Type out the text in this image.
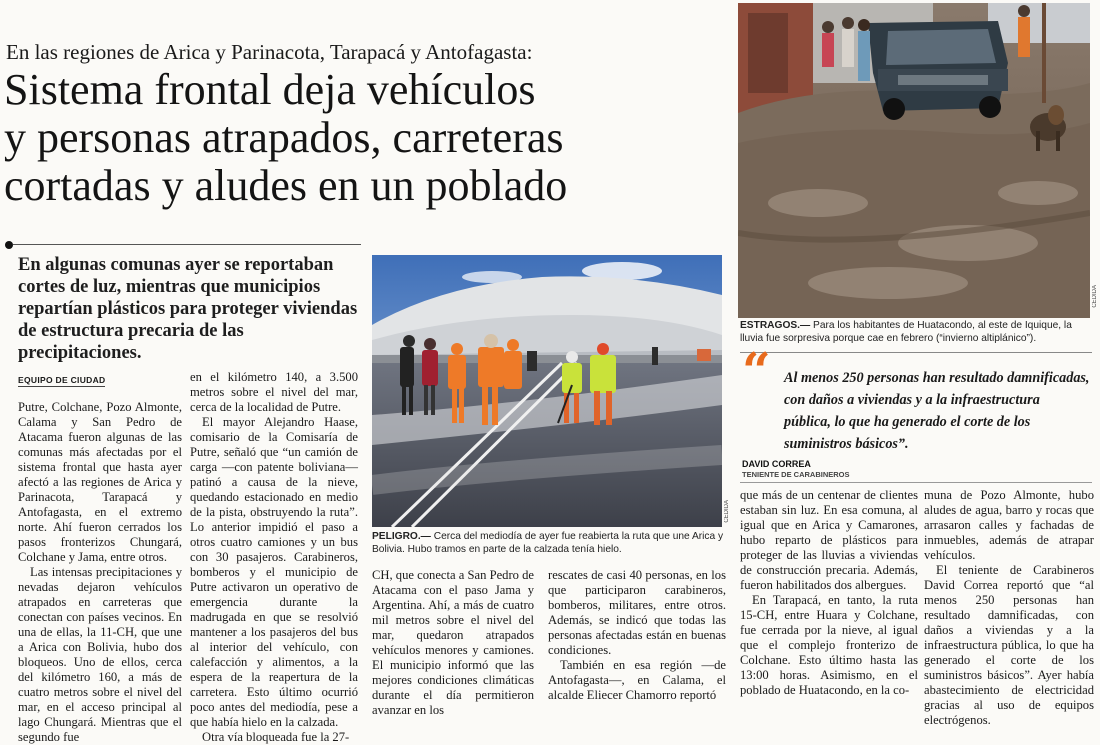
En las regiones de Arica y Parinacota, Tarapacá y Antofagasta:
Sistema frontal deja vehículos
y personas atrapados, carreteras
cortadas y aludes en un poblado
En algunas comunas ayer se reportaban cortes de luz, mientras que municipios repartían plásticos para proteger viviendas de estructura precaria de las precipitaciones.
EQUIPO DE CIUDAD

Putre, Colchane, Pozo Almonte, Calama y San Pedro de Atacama fueron algunas de las comunas más afectadas por el sistema frontal que hasta ayer afectó a las regiones de Arica y Parinacota, Tarapacá y Antofagasta, en el extremo norte. Ahí fueron cerrados los pasos fronterizos Chungará, Colchane y Jama, entre otros.

Las intensas precipitaciones y nevadas dejaron vehículos atrapados en carreteras que conectan con países vecinos. En una de ellas, la 11-CH, que une a Arica con Bolivia, hubo dos bloqueos. Uno de ellos, cerca del kilómetro 160, a más de cuatro metros sobre el nivel del mar, en el acceso principal al lago Chungará. Mientras que el segundo fue

en el kilómetro 140, a 3.500 metros sobre el nivel del mar, cerca de la localidad de Putre.

El mayor Alejandro Haase, comisario de la Comisaría de Putre, señaló que “un camión de carga —con patente boliviana— patinó a causa de la nieve, quedando estacionado en medio de la pista, obstruyendo la ruta”. Lo anterior impidió el paso a otros cuatro camiones y un bus con 30 pasajeros. Carabineros, bomberos y el municipio de Putre activaron un operativo de emergencia durante la madrugada en que se resolvió mantener a los pasajeros del bus al interior del vehículo, con calefacción y alimentos, a la espera de la reapertura de la carretera. Esto último ocurrió poco antes del mediodía, pese a que había hielo en la calzada.

Otra vía bloqueada fue la 27-

CEDIDA
PELIGRO.— Cerca del mediodía de ayer fue reabierta la ruta que une Arica y Bolivia. Hubo tramos en parte de la calzada tenía hielo.

CH, que conecta a San Pedro de Atacama con el paso Jama y Argentina. Ahí, a más de cuatro mil metros sobre el nivel del mar, quedaron atrapados vehículos menores y camiones. El municipio informó que las mejores condiciones climáticas durante el día permitieron avanzar en los

rescates de casi 40 personas, en los que participaron carabineros, bomberos, militares, entre otros. Además, se indicó que todas las personas afectadas están en buenas condiciones.

También en esa región —de Antofagasta—, en Calama, el alcalde Eliecer Chamorro reportó

CEDIDA
ESTRAGOS.— Para los habitantes de Huatacondo, al este de Iquique, la lluvia fue sorpresiva porque cae en febrero (“invierno altiplánico”).
“ Al menos 250 personas han resultado damnificadas, con daños a viviendas y a la infraestructura pública, lo que ha generado el corte de los suministros básicos”.
DAVID CORREA
TENIENTE DE CARABINEROS

que más de un centenar de clientes estaban sin luz. En esa comuna, al igual que en Arica y Camarones, hubo reparto de plásticos para proteger de las lluvias a viviendas de construcción precaria. Además, fueron habilitados dos albergues.

En Tarapacá, en tanto, la ruta 15-CH, entre Huara y Colchane, fue cerrada por la nieve, al igual que el complejo fronterizo de Colchane. Esto último hasta las 13:00 horas. Asimismo, en el poblado de Huatacondo, en la co-

muna de Pozo Almonte, hubo aludes de agua, barro y rocas que arrasaron calles y fachadas de inmuebles, además de atrapar vehículos.

El teniente de Carabineros David Correa reportó que “al menos 250 personas han resultado damnificadas, con daños a viviendas y a la infraestructura pública, lo que ha generado el corte de los suministros básicos”. Ayer había abastecimiento de electricidad gracias al uso de equipos electrógenos.
